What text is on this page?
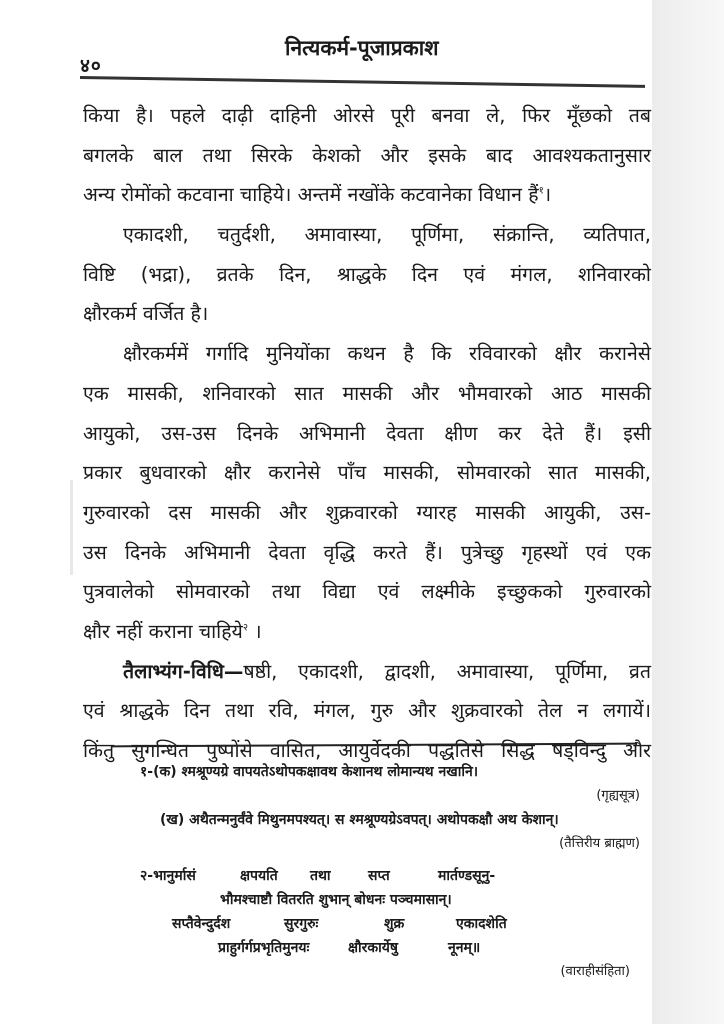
४०
नित्यकर्म-पूजाप्रकाश
किया है। पहले दाढ़ी दाहिनी ओरसे पूरी बनवा ले, फिर मूँछको तब
बगलके बाल तथा सिरके केशको और इसके बाद आवश्यकतानुसार
अन्य रोमोंको कटवाना चाहिये। अन्तमें नखोंके कटवानेका विधान हैं$^१$।
एकादशी, चतुर्दशी, अमावास्या, पूर्णिमा, संक्रान्ति, व्यतिपात,
विष्टि (भद्रा), व्रतके दिन, श्राद्धके दिन एवं मंगल, शनिवारको
क्षौरकर्म वर्जित है।
क्षौरकर्ममें गर्गादि मुनियोंका कथन है कि रविवारको क्षौर करानेसे
एक मासकी, शनिवारको सात मासकी और भौमवारको आठ मासकी
आयुको, उस-उस दिनके अभिमानी देवता क्षीण कर देते हैं। इसी
प्रकार बुधवारको क्षौर करानेसे पाँच मासकी, सोमवारको सात मासकी,
गुरुवारको दस मासकी और शुक्रवारको ग्यारह मासकी आयुकी, उस-
उस दिनके अभिमानी देवता वृद्धि करते हैं। पुत्रेच्छु गृहस्थों एवं एक
पुत्रवालेको सोमवारको तथा विद्या एवं लक्ष्मीके इच्छुकको गुरुवारको
क्षौर नहीं कराना चाहिये$^२$ ।
तैलाभ्यंग-विधि—षष्ठी, एकादशी, द्वादशी, अमावास्या, पूर्णिमा, व्रत
एवं श्राद्धके दिन तथा रवि, मंगल, गुरु और शुक्रवारको तेल न लगायें।
किंतु सुगन्धित पुष्पोंसे वासित, आयुर्वेदकी पद्धतिसे सिद्ध षड्विन्दु और
१-(क) श्मश्रूण्यग्रे वापयतेऽथोपकक्षावथ केशानथ लोमान्यथ नखानि।
(गृह्यसूत्र)
(ख) अथैतन्मनुर्वंवे मिथुनमपश्यत्। स श्मश्रूण्यग्रेऽवपत्। अथोपकक्षौ अथ केशान्।
(तैत्तिरीय ब्राह्मण)
२-भानुर्मासं	क्षपयति तथा	सप्त	मार्तण्डसूनु- भौमश्चाष्टौ वितरति शुभान् बोधनः पञ्चमासान्। सप्तैवेन्दुर्दश	सुरगुरुः	शुक्र	एकादशेति प्राहुर्गर्गप्रभृतिमुनयः	क्षौरकार्येषु	नूनम्॥
(वाराहीसंहिता)
